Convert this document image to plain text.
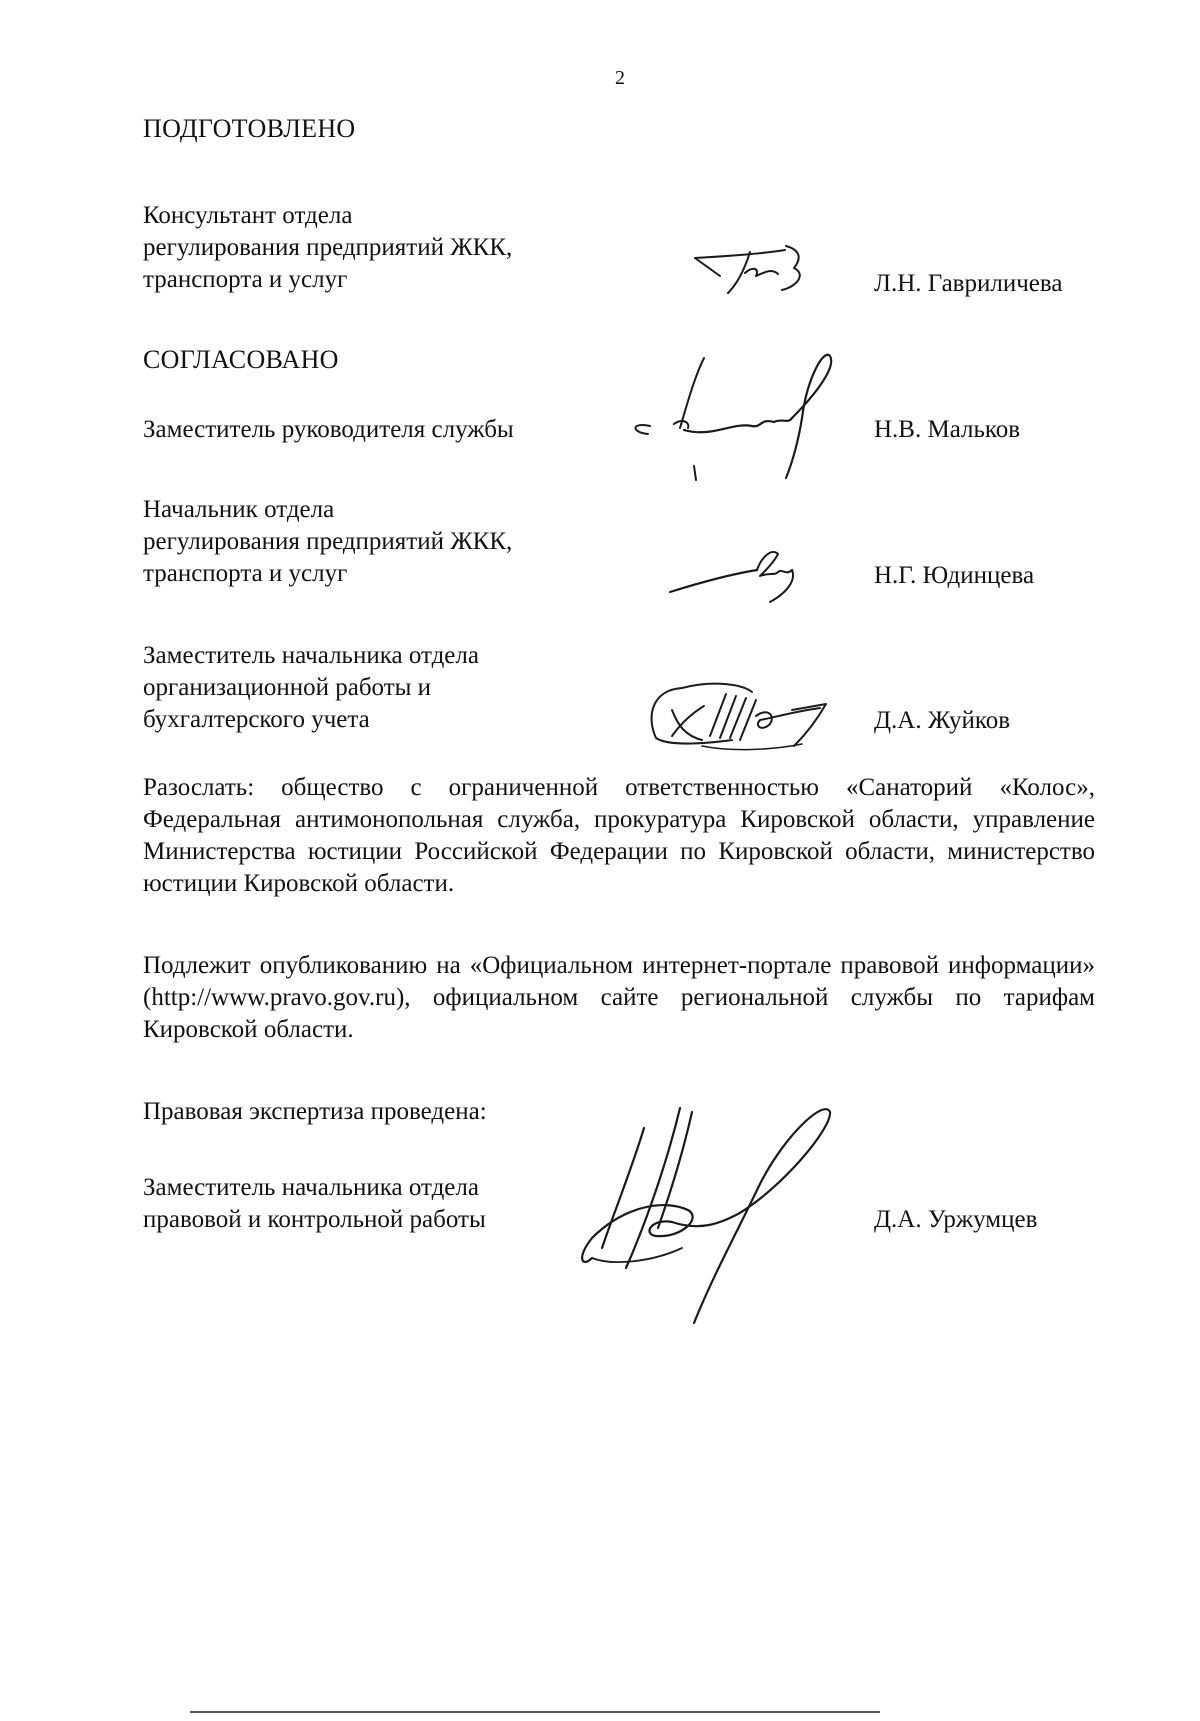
2
ПОДГОТОВЛЕНО
Консультант отдела
регулирования предприятий ЖКК,
транспорта и услуг	Л.Н. Гавриличева
СОГЛАСОВАНО
Заместитель руководителя службы	Н.В. Мальков
Начальник отдела
регулирования предприятий ЖКК,
транспорта и услуг	Н.Г. Юдинцева
Заместитель начальника отдела
организационной работы и
бухгалтерского учета	Д.А. Жуйков
Разослать: общество с ограниченной ответственностью «Санаторий «Колос», Федеральная антимонопольная служба, прокуратура Кировской области, управление Министерства юстиции Российской Федерации по Кировской области, министерство юстиции Кировской области.
Подлежит опубликованию на «Официальном интернет-портале правовой информации» (http://www.pravo.gov.ru), официальном сайте региональной службы по тарифам Кировской области.
Правовая экспертиза проведена:
Заместитель начальника отдела
правовой и контрольной работы	Д.А. Уржумцев
